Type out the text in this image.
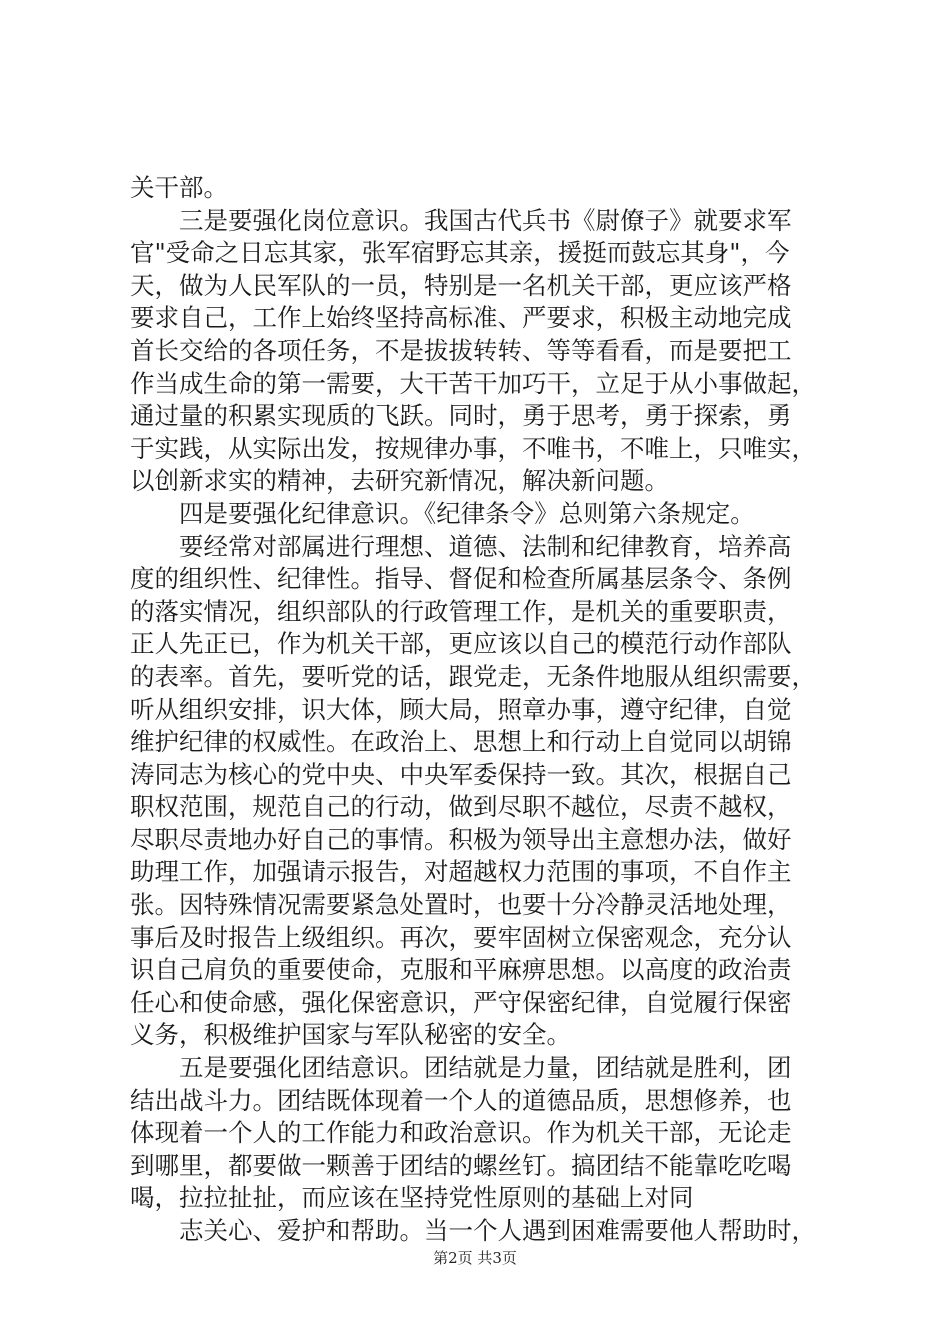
关干部。
三是要强化岗位意识。我国古代兵书《尉僚子》就要求军
官"受命之日忘其家，张军宿野忘其亲，援挺而鼓忘其身"，今
天，做为人民军队的一员，特别是一名机关干部，更应该严格
要求自己，工作上始终坚持高标准、严要求，积极主动地完成
首长交给的各项任务，不是拔拔转转、等等看看，而是要把工
作当成生命的第一需要，大干苦干加巧干，立足于从小事做起，
通过量的积累实现质的飞跃。同时，勇于思考，勇于探索，勇
于实践，从实际出发，按规律办事，不唯书，不唯上，只唯实，
以创新求实的精神，去研究新情况，解决新问题。
四是要强化纪律意识。《纪律条令》总则第六条规定。
要经常对部属进行理想、道德、法制和纪律教育，培养高
度的组织性、纪律性。指导、督促和检查所属基层条令、条例
的落实情况，组织部队的行政管理工作，是机关的重要职责，
正人先正已，作为机关干部，更应该以自己的模范行动作部队
的表率。首先，要听党的话，跟党走，无条件地服从组织需要，
听从组织安排，识大体，顾大局，照章办事，遵守纪律，自觉
维护纪律的权威性。在政治上、思想上和行动上自觉同以胡锦
涛同志为核心的党中央、中央军委保持一致。其次，根据自己
职权范围，规范自己的行动，做到尽职不越位，尽责不越权，
尽职尽责地办好自己的事情。积极为领导出主意想办法，做好
助理工作，加强请示报告，对超越权力范围的事项，不自作主
张。因特殊情况需要紧急处置时，也要十分冷静灵活地处理，
事后及时报告上级组织。再次，要牢固树立保密观念，充分认
识自己肩负的重要使命，克服和平麻痹思想。以高度的政治责
任心和使命感，强化保密意识，严守保密纪律，自觉履行保密
义务，积极维护国家与军队秘密的安全。
五是要强化团结意识。团结就是力量，团结就是胜利，团
结出战斗力。团结既体现着一个人的道德品质，思想修养，也
体现着一个人的工作能力和政治意识。作为机关干部，无论走
到哪里，都要做一颗善于团结的螺丝钉。搞团结不能靠吃吃喝
喝，拉拉扯扯，而应该在坚持党性原则的基础上对同
志关心、爱护和帮助。当一个人遇到困难需要他人帮助时，
第2页 共3页
